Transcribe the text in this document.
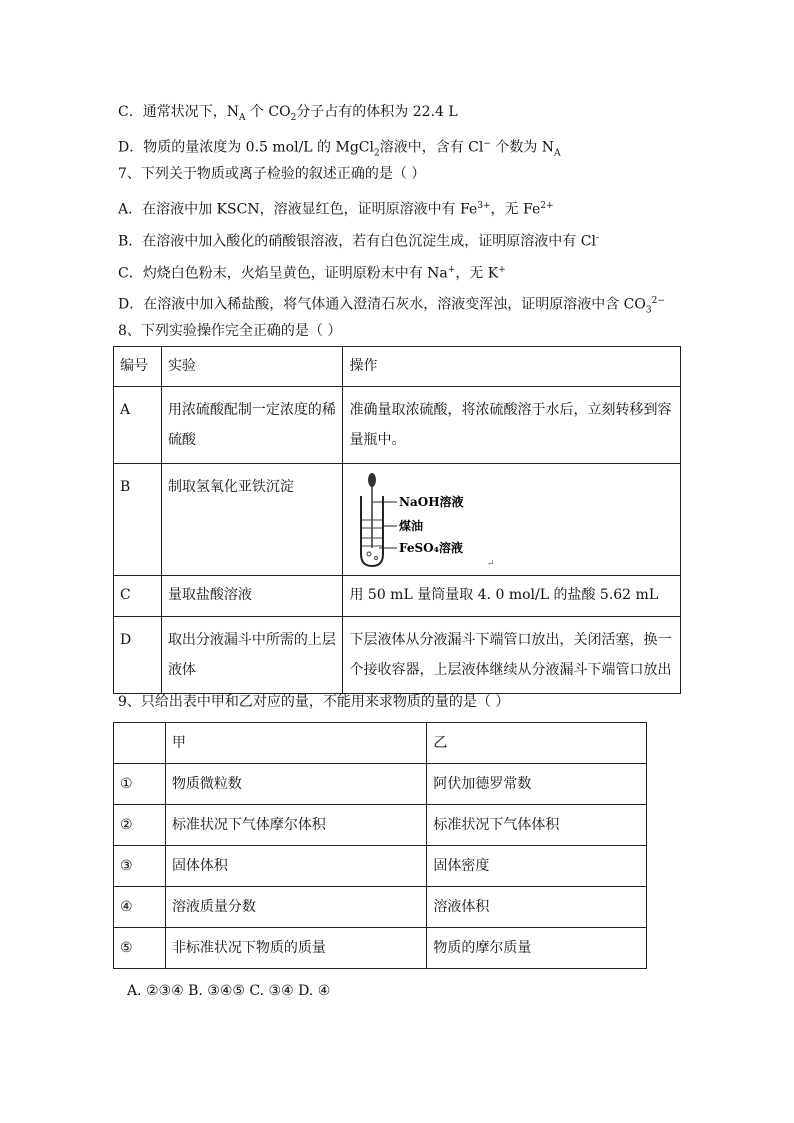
C．通常状况下，$N_A$ 个 $CO_2$分子占有的体积为 22.4 L
D．物质的量浓度为 0.5 mol/L 的 MgCl$_2$溶液中，含有 Cl− 个数为 $N_A$
7、下列关于物质或离子检验的叙述正确的是（ ）
A．在溶液中加 KSCN，溶液显红色，证明原溶液中有 $Fe^{3+}$，无 $Fe^{2+}$
B．在溶液中加入酸化的硝酸银溶液，若有白色沉淀生成，证明原溶液中有 Cl-
C．灼烧白色粉末，火焰呈黄色，证明原粉末中有 Na+，无 K+
D．在溶液中加入稀盐酸，将气体通入澄清石灰水，溶液变浑浊，证明原溶液中含 $CO_3^{2-}$
8、下列实验操作完全正确的是（ ）
编号	实验	操作
A	用浓硫酸配制一定浓度的稀硫酸	准确量取浓硫酸，将浓硫酸溶于水后，立刻转移到容量瓶中。
B	制取氢氧化亚铁沉淀	NaOH溶液
煤油
FeSO₄溶液
↵

C	量取盐酸溶液	用 50 mL 量筒量取 4. 0 mol/L 的盐酸 5.62 mL
D	取出分液漏斗中所需的上层液体	下层液体从分液漏斗下端管口放出，关闭活塞，换一个接收容器，上层液体继续从分液漏斗下端管口放出
9、只给出表中甲和乙对应的量，不能用来求物质的量的是（ ）
	甲	乙
①	物质微粒数	阿伏加德罗常数
②	标准状况下气体摩尔体积	标准状况下气体体积
③	固体体积	固体密度
④	溶液质量分数	溶液体积
⑤	非标准状况下物质的质量	物质的摩尔质量
A. ②③④ B. ③④⑤ C. ③④ D. ④
